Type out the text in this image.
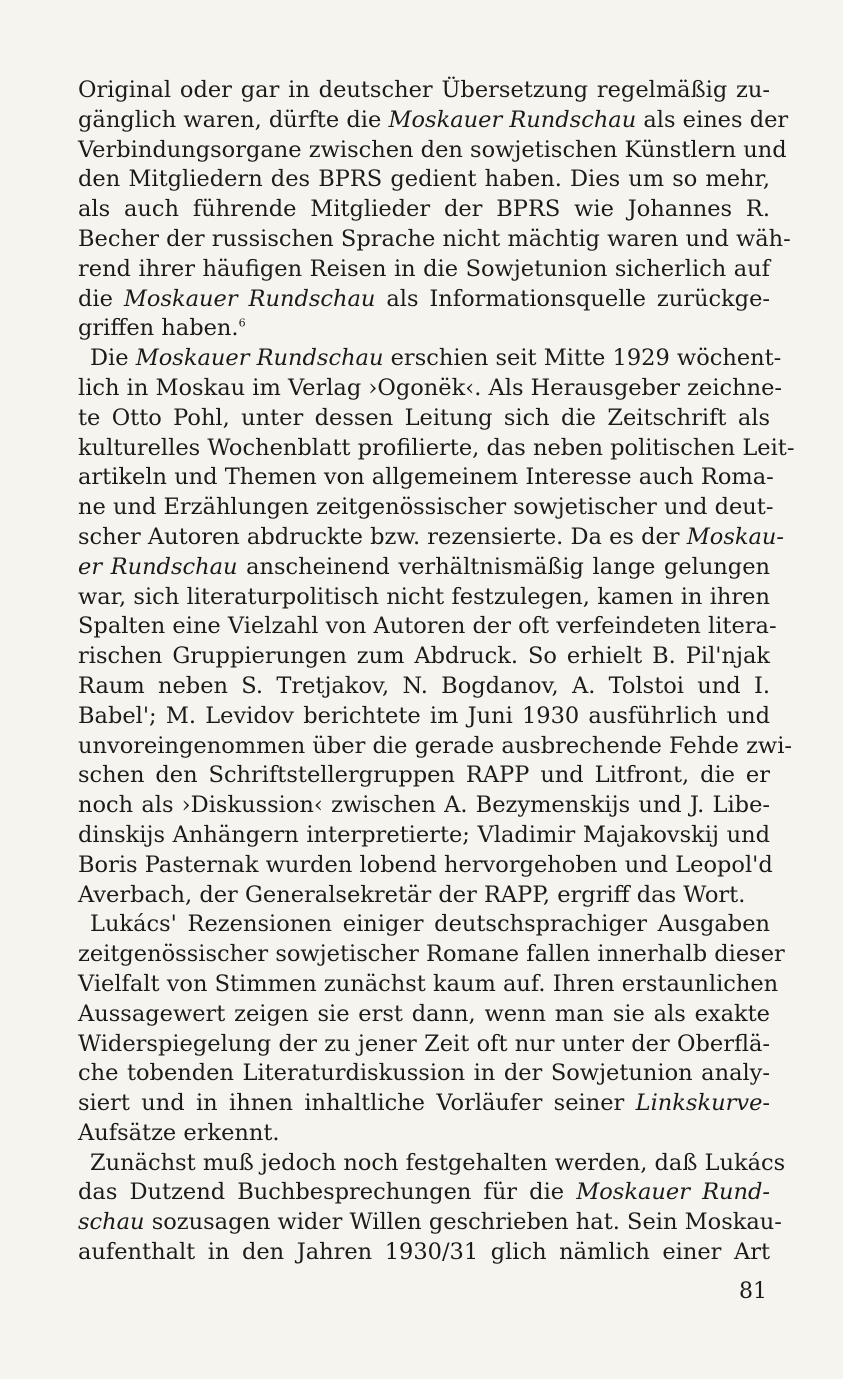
Original oder gar in deutscher Übersetzung regelmäßig zu-
gänglich waren, dürfte die Moskauer Rundschau als eines der
Verbindungsorgane zwischen den sowjetischen Künstlern und
den Mitgliedern des BPRS gedient haben. Dies um so mehr,
als auch führende Mitglieder der BPRS wie Johannes R.
Becher der russischen Sprache nicht mächtig waren und wäh-
rend ihrer häufigen Reisen in die Sowjetunion sicherlich auf
die Moskauer Rundschau als Informationsquelle zurückge-
griffen haben.$^6$
Die Moskauer Rundschau erschien seit Mitte 1929 wöchent-
lich in Moskau im Verlag ›Ogonëk‹. Als Herausgeber zeichne-
te Otto Pohl, unter dessen Leitung sich die Zeitschrift als
kulturelles Wochenblatt profilierte, das neben politischen Leit-
artikeln und Themen von allgemeinem Interesse auch Roma-
ne und Erzählungen zeitgenössischer sowjetischer und deut-
scher Autoren abdruckte bzw. rezensierte. Da es der Moskau-
er Rundschau anscheinend verhältnismäßig lange gelungen
war, sich literaturpolitisch nicht festzulegen, kamen in ihren
Spalten eine Vielzahl von Autoren der oft verfeindeten litera-
rischen Gruppierungen zum Abdruck. So erhielt B. Pil'njak
Raum neben S. Tretjakov, N. Bogdanov, A. Tolstoi und I.
Babel'; M. Levidov berichtete im Juni 1930 ausführlich und
unvoreingenommen über die gerade ausbrechende Fehde zwi-
schen den Schriftstellergruppen RAPP und Litfront, die er
noch als ›Diskussion‹ zwischen A. Bezymenskijs und J. Libe-
dinskijs Anhängern interpretierte; Vladimir Majakovskij und
Boris Pasternak wurden lobend hervorgehoben und Leopol'd
Averbach, der Generalsekretär der RAPP, ergriff das Wort.
Lukács' Rezensionen einiger deutschsprachiger Ausgaben
zeitgenössischer sowjetischer Romane fallen innerhalb dieser
Vielfalt von Stimmen zunächst kaum auf. Ihren erstaunlichen
Aussagewert zeigen sie erst dann, wenn man sie als exakte
Widerspiegelung der zu jener Zeit oft nur unter der Oberflä-
che tobenden Literaturdiskussion in der Sowjetunion analy-
siert und in ihnen inhaltliche Vorläufer seiner Linkskurve-
Aufsätze erkennt.
Zunächst muß jedoch noch festgehalten werden, daß Lukács
das Dutzend Buchbesprechungen für die Moskauer Rund-
schau sozusagen wider Willen geschrieben hat. Sein Moskau-
aufenthalt in den Jahren 1930/31 glich nämlich einer Art
81
